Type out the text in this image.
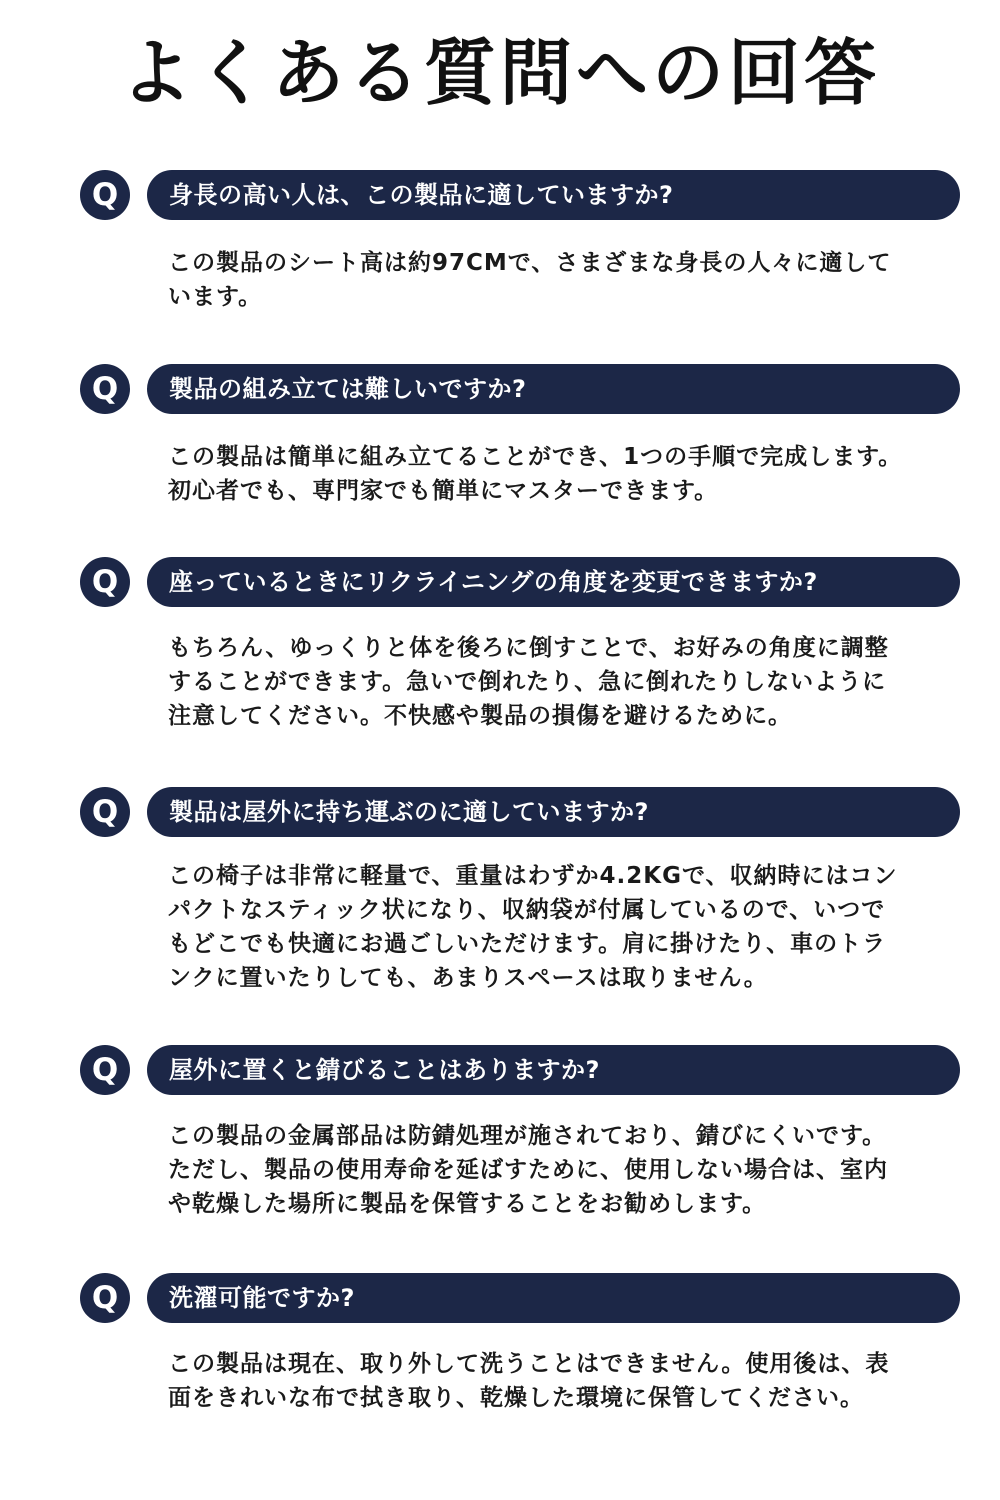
よくある質問への回答
Q	身長の高い人は、この製品に適していますか?
この製品のシート高は約97CMで、さまざまな身長の人々に適して
います。
Q	製品の組み立ては難しいですか?
この製品は簡単に組み立てることができ、1つの手順で完成します。
初心者でも、専門家でも簡単にマスターできます。
Q	座っているときにリクライニングの角度を変更できますか?
もちろん、ゆっくりと体を後ろに倒すことで、お好みの角度に調整
することができます。急いで倒れたり、急に倒れたりしないように
注意してください。不快感や製品の損傷を避けるために。
Q	製品は屋外に持ち運ぶのに適していますか?
この椅子は非常に軽量で、重量はわずか4.2KGで、収納時にはコン
パクトなスティック状になり、収納袋が付属しているので、いつで
もどこでも快適にお過ごしいただけます。肩に掛けたり、車のトラ
ンクに置いたりしても、あまりスペースは取りません。
Q	屋外に置くと錆びることはありますか?
この製品の金属部品は防錆処理が施されており、錆びにくいです。
ただし、製品の使用寿命を延ばすために、使用しない場合は、室内
や乾燥した場所に製品を保管することをお勧めします。
Q	洗濯可能ですか?
この製品は現在、取り外して洗うことはできません。使用後は、表
面をきれいな布で拭き取り、乾燥した環境に保管してください。
